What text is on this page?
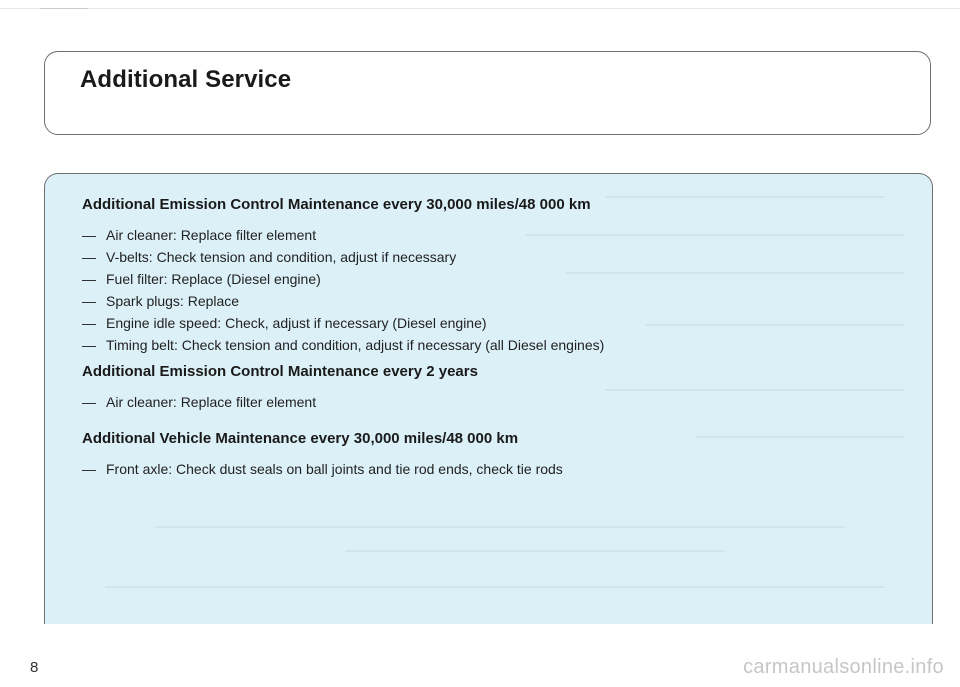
Additional Service
Additional Emission Control Maintenance every 30,000 miles/48 000 km
— Air cleaner: Replace filter element
— V-belts: Check tension and condition, adjust if necessary
— Fuel filter: Replace (Diesel engine)
— Spark plugs: Replace
— Engine idle speed: Check, adjust if necessary (Diesel engine)
— Timing belt: Check tension and condition, adjust if necessary (all Diesel engines)
Additional Emission Control Maintenance every 2 years
— Air cleaner: Replace filter element
Additional Vehicle Maintenance every 30,000 miles/48 000 km
— Front axle: Check dust seals on ball joints and tie rod ends, check tie rods
8	carmanualsonline.info
